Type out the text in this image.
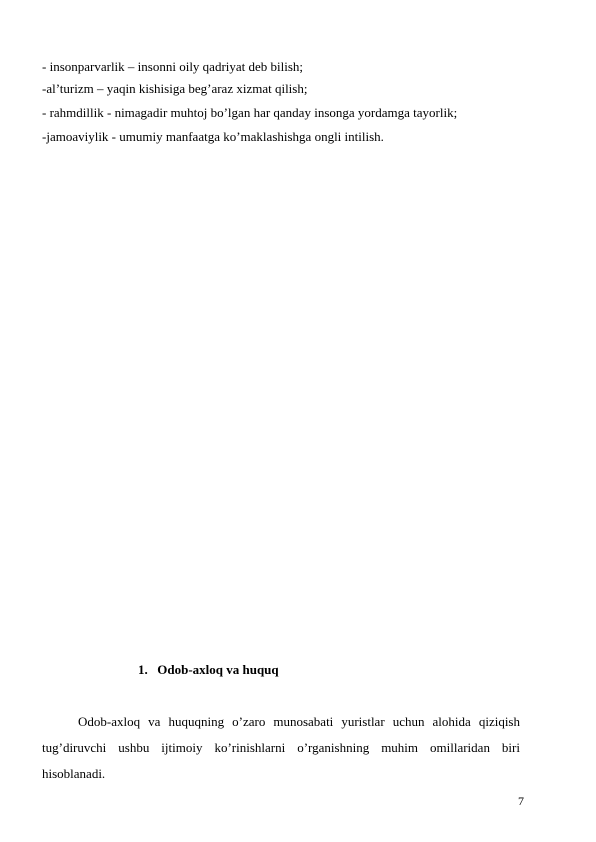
- insonparvarlik – insonni oily qadriyat deb bilish;
-al’turizm – yaqin kishisiga beg’araz xizmat qilish;
- rahmdillik - nimagadir muhtoj bo’lgan har qanday insonga yordamga tayorlik;
-jamoaviylik - umumiy manfaatga ko’maklashishga ongli intilish.
1. Odob-axloq va huquq
Odob-axloq va huquqning o’zaro munosabati yuristlar uchun alohida qiziqish tug’diruvchi ushbu ijtimoiy ko’rinishlarni o’rganishning muhim omillaridan biri hisoblanadi.
7
